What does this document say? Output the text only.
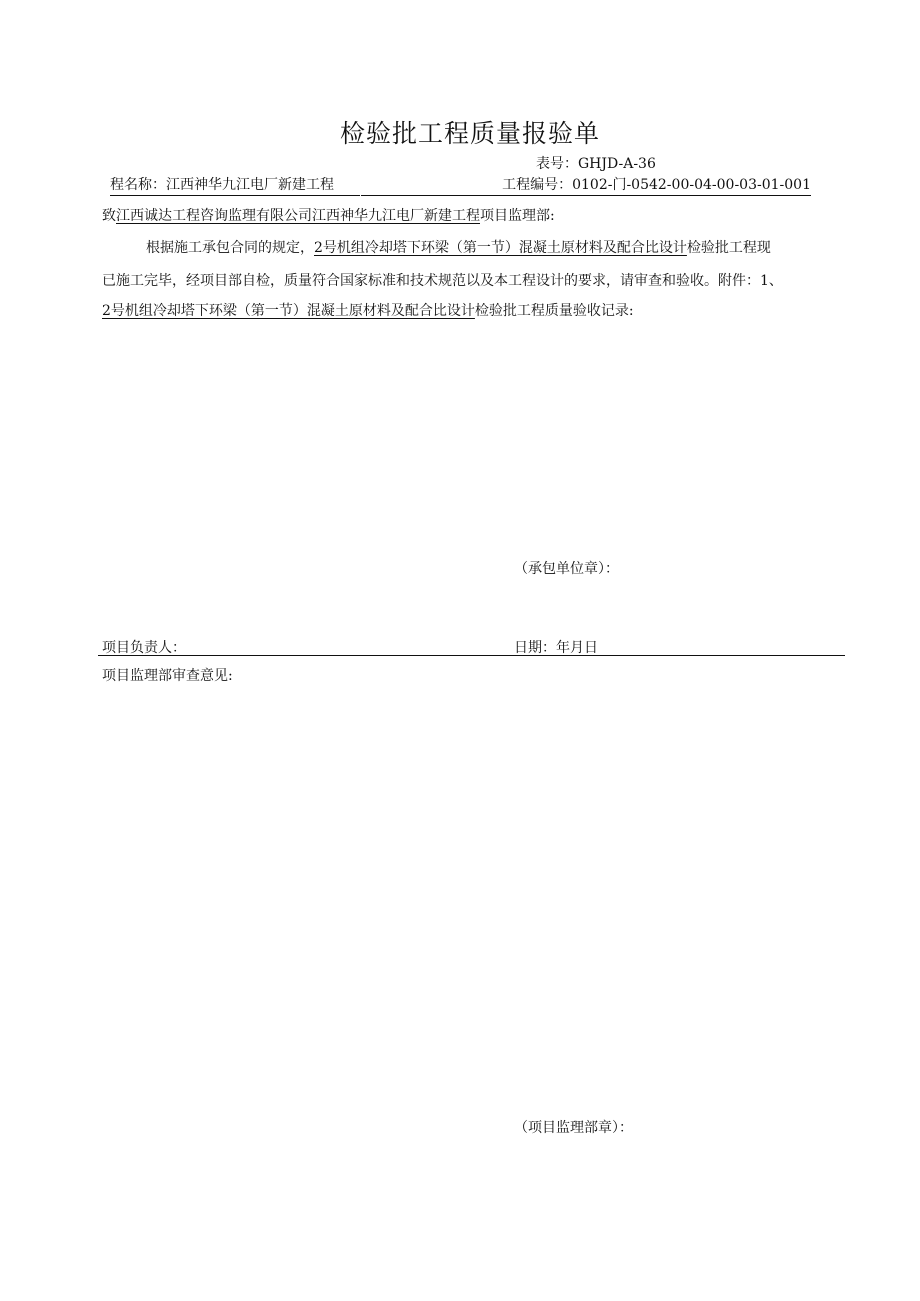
检验批工程质量报验单
表号：GHJD-A-36
程名称：江西神华九江电厂新建工程	工程编号：0102-门-0542-00-04-00-03-01-001
致江西诚达工程咨询监理有限公司江西神华九江电厂新建工程项目监理部:
根据施工承包合同的规定，2号机组冷却塔下环梁（第一节）混凝土原材料及配合比设计检验批工程现
已施工完毕，经项目部自检，质量符合国家标准和技术规范以及本工程设计的要求，请审查和验收。附件：1、
2号机组冷却塔下环梁（第一节）混凝土原材料及配合比设计检验批工程质量验收记录:
（承包单位章）：
项目负责人：	日期：年月日
项目监理部审查意见:
（项目监理部章）：
